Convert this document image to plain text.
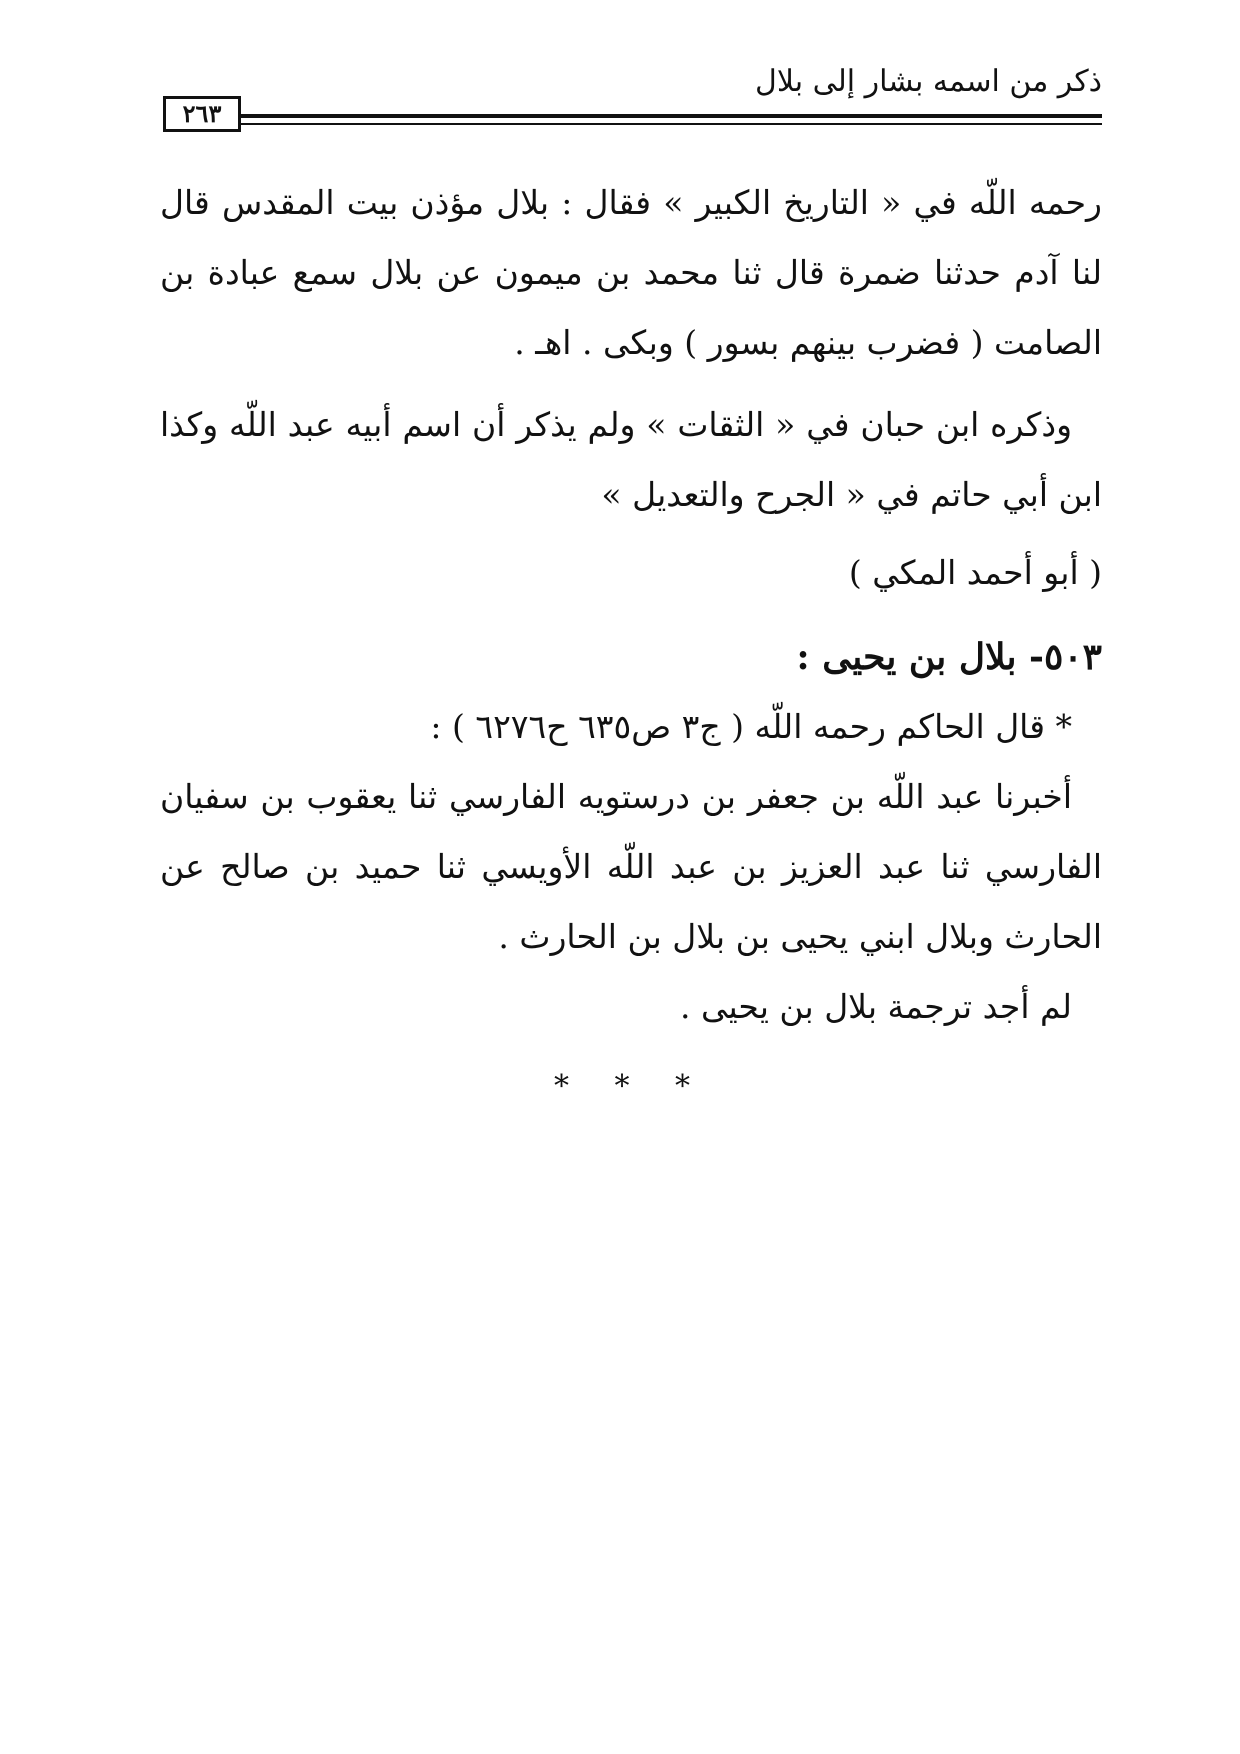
ذكر من اسمه بشار إلى بلال
٢٦٣

رحمه اللّه في « التاريخ الكبير » فقال : بلال مؤذن بيت المقدس قال لنا آدم حدثنا ضمرة قال ثنا محمد بن ميمون عن بلال سمع عبادة بن الصامت ( فضرب بينهم بسور ) وبكى . اهـ .

وذكره ابن حبان في « الثقات » ولم يذكر أن اسم أبيه عبد اللّه وكذا ابن أبي حاتم في « الجرح والتعديل »

( أبو أحمد المكي )

٥٠٣- بلال بن يحيى :

* قال الحاكم رحمه اللّه ( ج٣ ص٦٣٥ ح٦٢٧٦ ) :

أخبرنا عبد اللّه بن جعفر بن درستويه الفارسي ثنا يعقوب بن سفيان الفارسي ثنا عبد العزيز بن عبد اللّه الأويسي ثنا حميد بن صالح عن الحارث وبلال ابني يحيى بن بلال بن الحارث .

لم أجد ترجمة بلال بن يحيى .

* * *
